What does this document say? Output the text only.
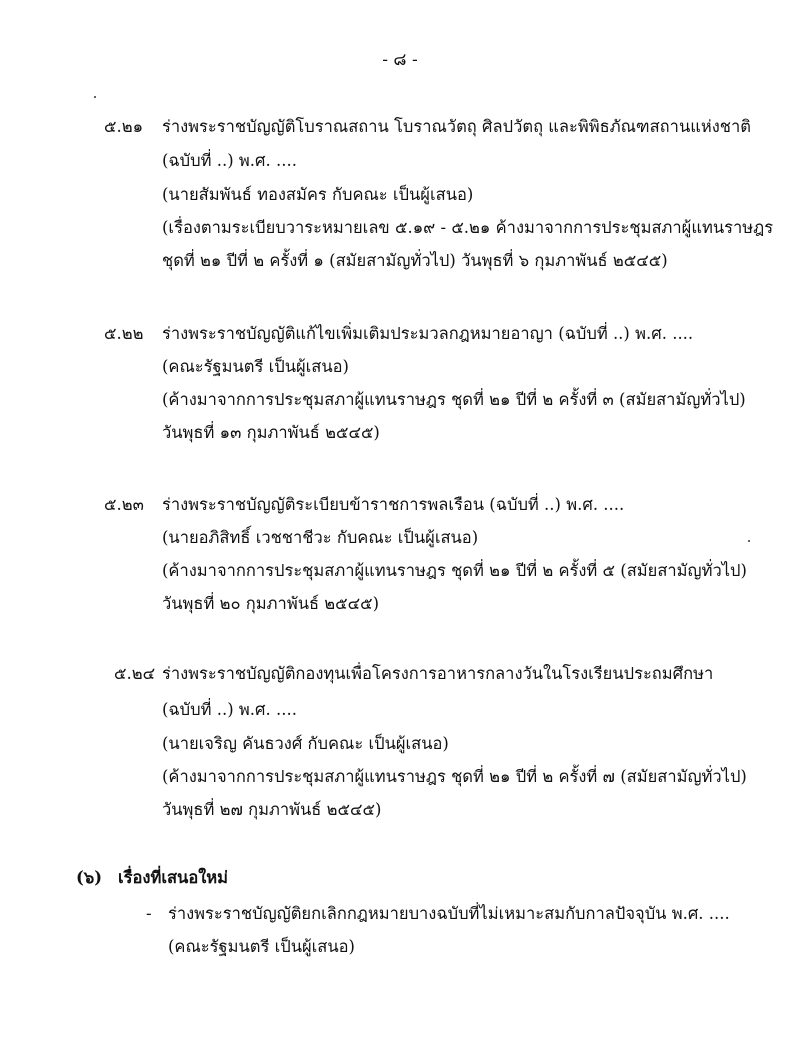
- ๘ -
๕.๒๑ ร่างพระราชบัญญัติโบราณสถาน โบราณวัตถุ ศิลปวัตถุ และพิพิธภัณฑสถานแห่งชาติ
(ฉบับที่ ..) พ.ศ. ....
(นายสัมพันธ์ ทองสมัคร กับคณะ เป็นผู้เสนอ)
(เรื่องตามระเบียบวาระหมายเลข ๕.๑๙ - ๕.๒๑ ค้างมาจากการประชุมสภาผู้แทนราษฎร
ชุดที่ ๒๑ ปีที่ ๒ ครั้งที่ ๑ (สมัยสามัญทั่วไป) วันพุธที่ ๖ กุมภาพันธ์ ๒๕๔๕)
๕.๒๒ ร่างพระราชบัญญัติแก้ไขเพิ่มเติมประมวลกฎหมายอาญา (ฉบับที่ ..) พ.ศ. ....
(คณะรัฐมนตรี เป็นผู้เสนอ)
(ค้างมาจากการประชุมสภาผู้แทนราษฎร ชุดที่ ๒๑ ปีที่ ๒ ครั้งที่ ๓ (สมัยสามัญทั่วไป)
วันพุธที่ ๑๓ กุมภาพันธ์ ๒๕๔๕)
๕.๒๓ ร่างพระราชบัญญัติระเบียบข้าราชการพลเรือน (ฉบับที่ ..) พ.ศ. ....
(นายอภิสิทธิ์ เวชชาชีวะ กับคณะ เป็นผู้เสนอ)
(ค้างมาจากการประชุมสภาผู้แทนราษฎร ชุดที่ ๒๑ ปีที่ ๒ ครั้งที่ ๕ (สมัยสามัญทั่วไป)
วันพุธที่ ๒๐ กุมภาพันธ์ ๒๕๔๕)
๕.๒๔ ร่างพระราชบัญญัติกองทุนเพื่อโครงการอาหารกลางวันในโรงเรียนประถมศึกษา
(ฉบับที่ ..) พ.ศ. ....
(นายเจริญ คันธวงศ์ กับคณะ เป็นผู้เสนอ)
(ค้างมาจากการประชุมสภาผู้แทนราษฎร ชุดที่ ๒๑ ปีที่ ๒ ครั้งที่ ๗ (สมัยสามัญทั่วไป)
วันพุธที่ ๒๗ กุมภาพันธ์ ๒๕๔๕)
(๖) เรื่องที่เสนอใหม่
- ร่างพระราชบัญญัติยกเลิกกฎหมายบางฉบับที่ไม่เหมาะสมกับกาลปัจจุบัน พ.ศ. ....
(คณะรัฐมนตรี เป็นผู้เสนอ)
